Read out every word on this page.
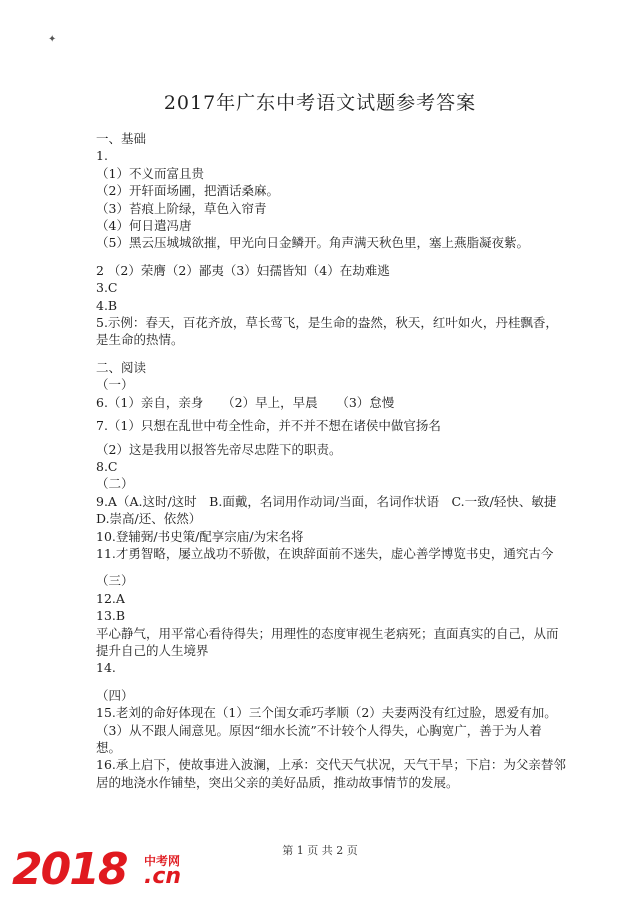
✦
2017年广东中考语文试题参考答案
一、基础
1.
（1）不义而富且贵
（2）开轩面场圃，把酒话桑麻。
（3）苔痕上阶绿，草色入帘青
（4）何日遣冯唐
（5）黑云压城城欲摧，甲光向日金鳞开。角声满天秋色里，塞上燕脂凝夜紫。
2 （2）荣膺（2）鄙夷（3）妇孺皆知（4）在劫难逃
3.C
4.B
5.示例：春天，百花齐放，草长莺飞，是生命的盎然，秋天，红叶如火，丹桂飘香，是生命的热情。
二、阅读
（一）
6.（1）亲自，亲身　　（2）早上，早晨　　（3）怠慢
7.（1）只想在乱世中苟全性命，并不并不想在诸侯中做官扬名
（2）这是我用以报答先帝尽忠陛下的职责。
8.C
（二）
9.A（A.这时/这时　B.面戴，名词用作动词/当面，名词作状语　C.一致/轻快、敏捷　D.崇高/还、依然）
10.登辅弼/书史策/配享宗庙/为宋名将
11.才勇智略，屡立战功不骄傲，在谀辞面前不迷失，虚心善学博览书史，通究古今
（三）
12.A
13.B
平心静气，用平常心看待得失；用理性的态度审视生老病死；直面真实的自己，从而提升自己的人生境界
14.
（四）
15.老刘的命好体现在（1）三个闺女乖巧孝顺（2）夫妻两没有红过脸，恩爱有加。（3）从不跟人闹意见。原因“细水长流”不计较个人得失，心胸宽广，善于为人着想。
16.承上启下，使故事进入波澜，上承：交代天气状况，天气干旱；下启：为父亲替邻居的地浇水作铺垫，突出父亲的美好品质，推动故事情节的发展。
第 1 页 共 2 页
2018 中考网
.cn
